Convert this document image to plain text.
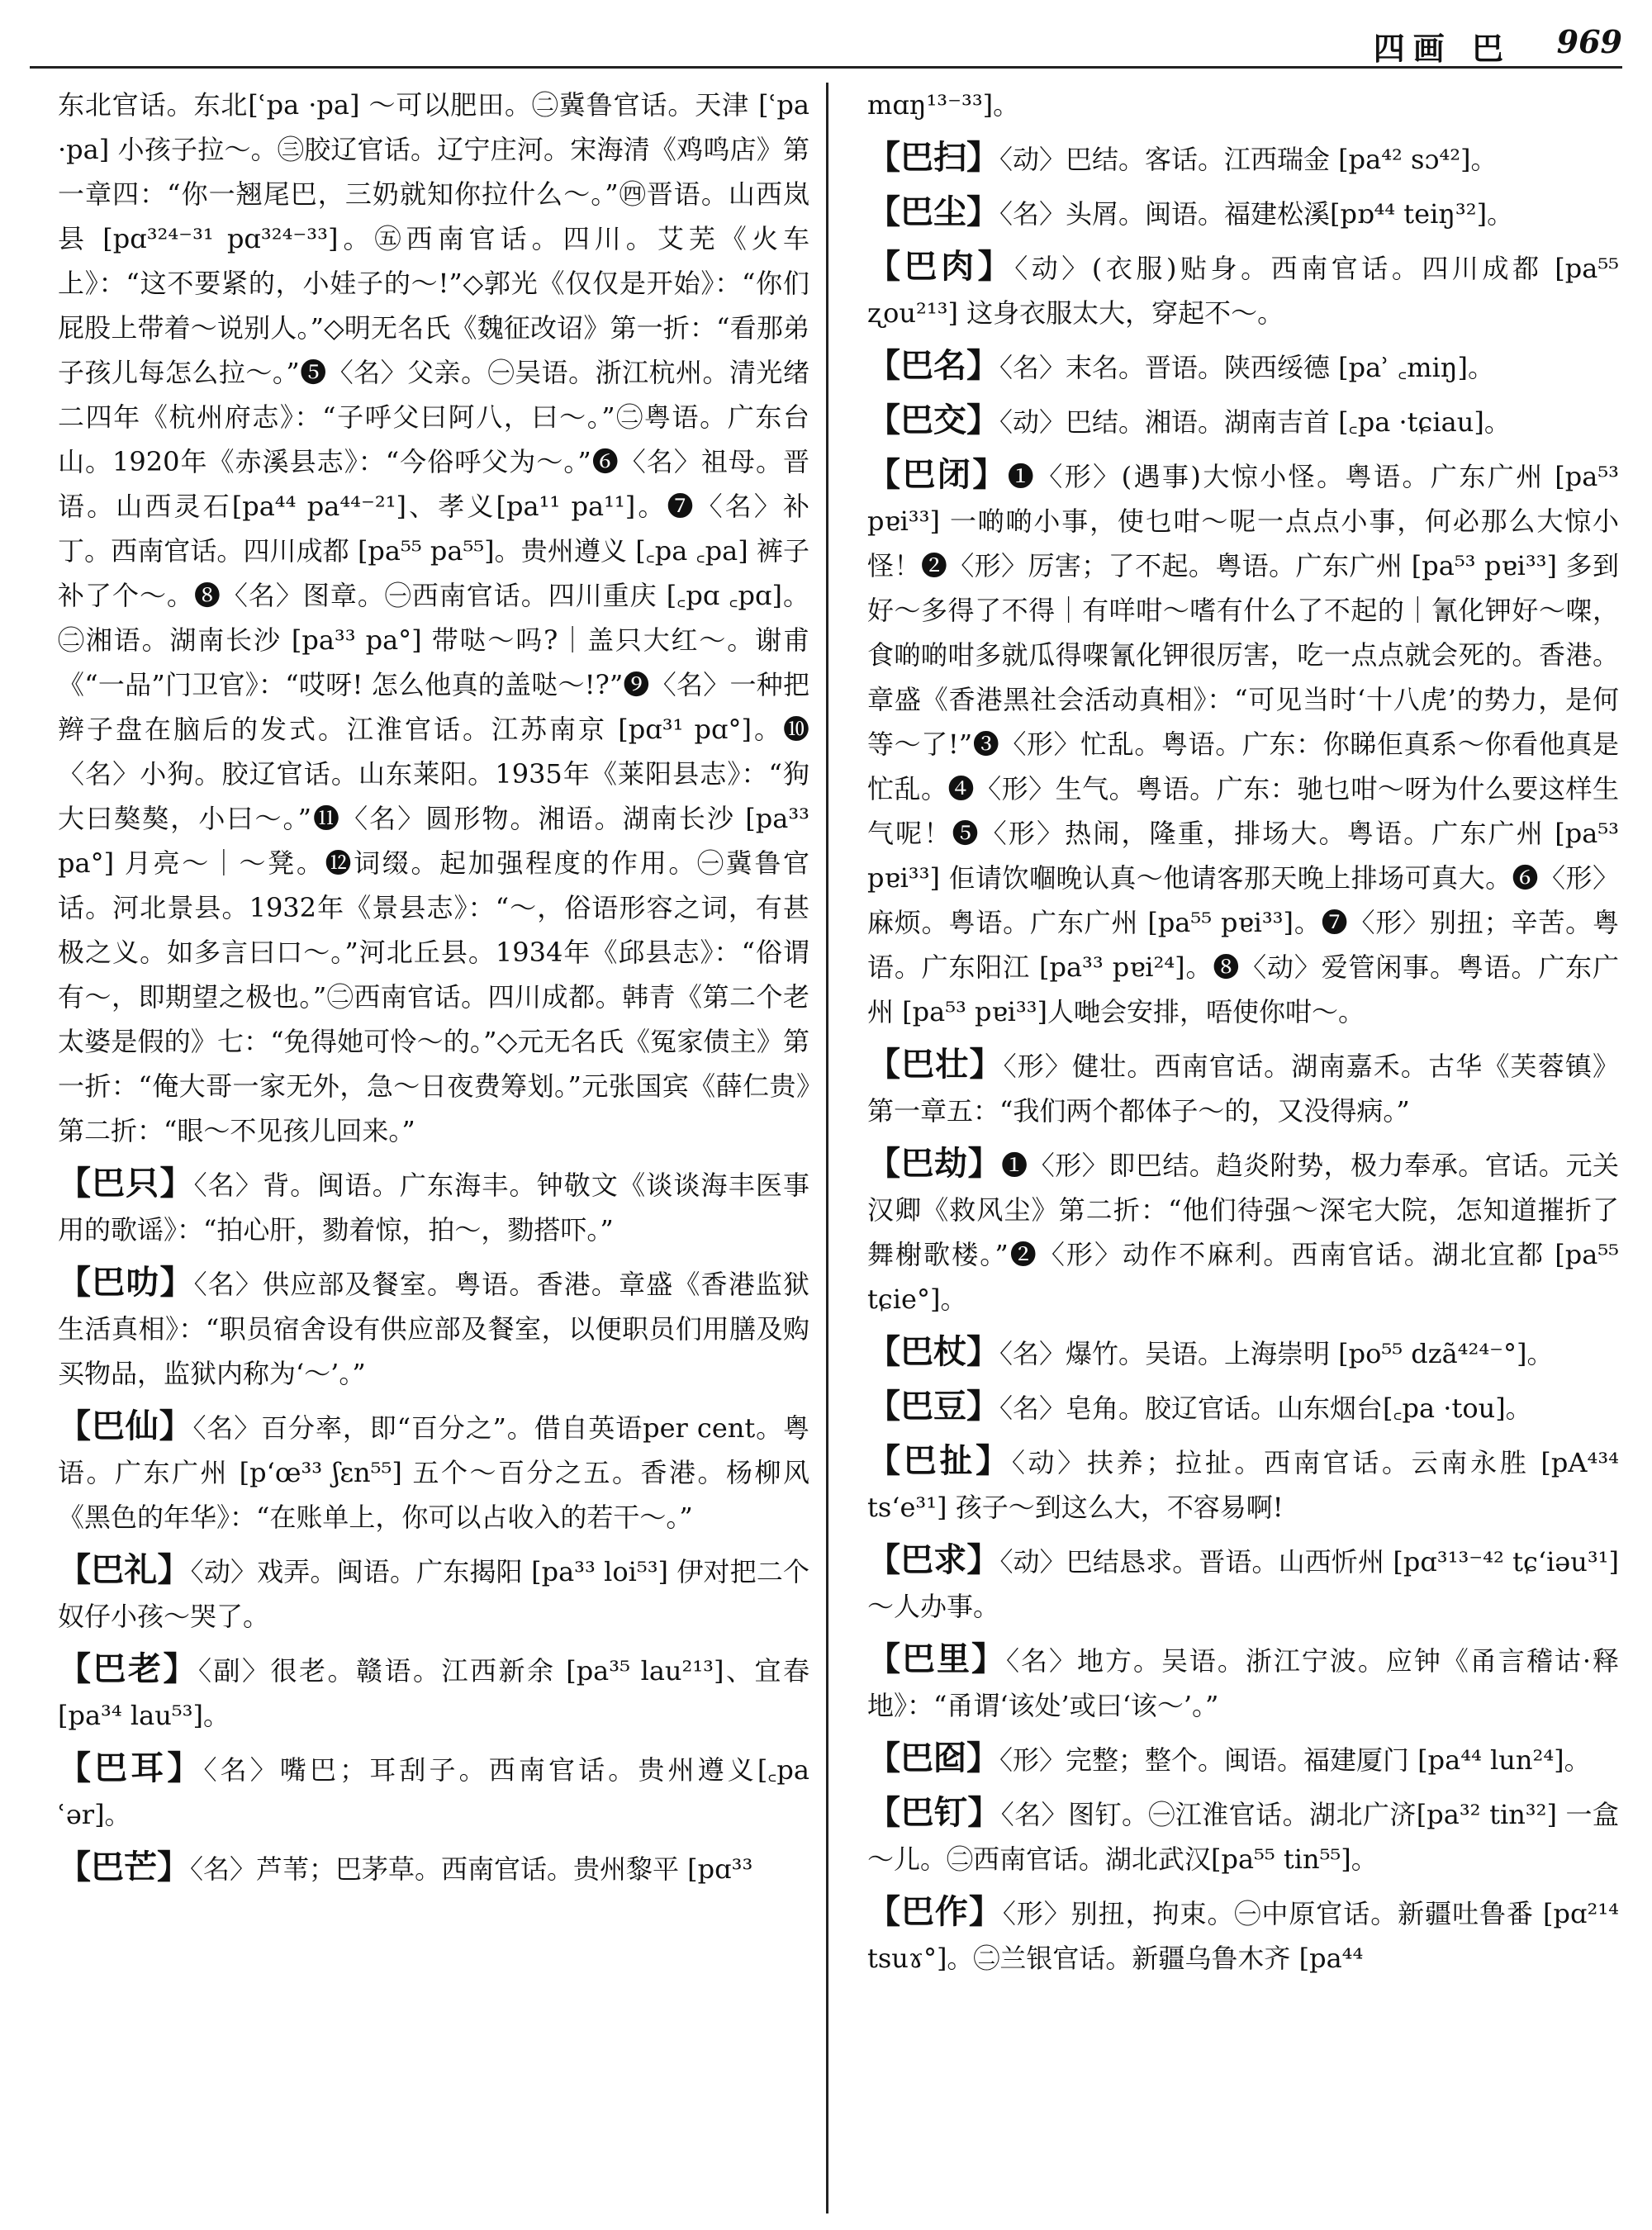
四画 巴 969

东北官话。东北[ʿpa ·pa] ～可以肥田。㊁冀鲁官话。天津 [ʿpa ·pa] 小孩子拉～。㊂胶辽官话。辽宁庄河。宋海清《鸡鸣店》第一章四：“你一翘尾巴，三奶就知你拉什么～。”㊃晋语。山西岚县 [pɑ³²⁴⁻³¹ pɑ³²⁴⁻³³]。㊄西南官话。四川。艾芜《火车上》：“这不要紧的，小娃子的～!”◇郭光《仅仅是开始》：“你们屁股上带着～说别人。”◇明无名氏《魏征改诏》第一折：“看那弟子孩儿每怎么拉～。”❺〈名〉父亲。㊀吴语。浙江杭州。清光绪二四年《杭州府志》：“子呼父曰阿八，曰～。”㊁粤语。广东台山。1920年《赤溪县志》：“今俗呼父为～。”❻〈名〉祖母。晋语。山西灵石[pa⁴⁴ pa⁴⁴⁻²¹]、孝义[pa¹¹ pa¹¹]。❼〈名〉补丁。西南官话。四川成都 [pa⁵⁵ pa⁵⁵]。贵州遵义 [꜀pa ꜀pa] 裤子补了个～。❽〈名〉图章。㊀西南官话。四川重庆 [꜀pɑ ꜀pɑ]。㊁湘语。湖南长沙 [pa³³ pa°] 带哒～吗?｜盖只大红～。谢甫《“一品”门卫官》：“哎呀! 怎么他真的盖哒～!?”❾〈名〉一种把辫子盘在脑后的发式。江淮官话。江苏南京 [pɑ³¹ pɑ°]。❿〈名〉小狗。胶辽官话。山东莱阳。1935年《莱阳县志》：“狗大曰獒獒，小曰～。”⓫〈名〉圆形物。湘语。湖南长沙 [pa³³ pa°] 月亮～｜～凳。⓬词缀。起加强程度的作用。㊀冀鲁官话。河北景县。1932年《景县志》：“～，俗语形容之词，有甚极之义。如多言曰口～。”河北丘县。1934年《邱县志》：“俗谓有～，即期望之极也。”㊁西南官话。四川成都。韩青《第二个老太婆是假的》七：“免得她可怜～的。”◇元无名氏《冤家债主》第一折：“俺大哥一家无外，急～日夜费筹划。”元张国宾《薛仁贵》第二折：“眼～不见孩儿回来。”

【巴只】〈名〉背。闽语。广东海丰。钟敬文《谈谈海丰医事用的歌谣》：“拍心肝，勠着惊，拍～，勠搭吓。”

【巴叻】〈名〉供应部及餐室。粤语。香港。章盛《香港监狱生活真相》：“职员宿舍设有供应部及餐室，以便职员们用膳及购买物品，监狱内称为‘～’。”

【巴仙】〈名〉百分率，即“百分之”。借自英语per cent。粤语。广东广州 [pʻœ³³ ʃɛn⁵⁵] 五个～百分之五。香港。杨柳风《黑色的年华》：“在账单上，你可以占收入的若干～。”

【巴礼】〈动〉戏弄。闽语。广东揭阳 [pa³³ loi⁵³] 伊对把二个奴仔小孩～哭了。

【巴老】〈副〉很老。赣语。江西新余 [pa³⁵ lau²¹³]、宜春 [pa³⁴ lau⁵³]。

【巴耳】〈名〉嘴巴；耳刮子。西南官话。贵州遵义[꜀pa ʿər]。

【巴芒】〈名〉芦苇；巴茅草。西南官话。贵州黎平 [pɑ³³

mɑŋ¹³⁻³³]。

【巴扫】〈动〉巴结。客话。江西瑞金 [pa⁴² sɔ⁴²]。

【巴尘】〈名〉头屑。闽语。福建松溪[pɒ⁴⁴ teiŋ³²]。

【巴肉】〈动〉(衣服)贴身。西南官话。四川成都 [pa⁵⁵ ʐou²¹³] 这身衣服太大，穿起不～。

【巴名】〈名〉末名。晋语。陕西绥德 [paʾ ꜀miŋ]。

【巴交】〈动〉巴结。湘语。湖南吉首 [꜀pa ·tɕiau]。

【巴闭】❶〈形〉(遇事)大惊小怪。粤语。广东广州 [pa⁵³ pɐi³³] 一啲啲小事，使乜咁～呢一点点小事，何必那么大惊小怪！❷〈形〉厉害；了不起。粤语。广东广州 [pa⁵³ pɐi³³] 多到好～多得了不得｜有咩咁～嗜有什么了不起的｜氰化钾好～㗎，食啲啲咁多就瓜得㗎氰化钾很厉害，吃一点点就会死的。香港。章盛《香港黑社会活动真相》：“可见当时‘十八虎’的势力，是何等～了!”❸〈形〉忙乱。粤语。广东：你睇佢真系～你看他真是忙乱。❹〈形〉生气。粤语。广东：驰乜咁～呀为什么要这样生气呢！❺〈形〉热闹，隆重，排场大。粤语。广东广州 [pa⁵³ pɐi³³] 佢请饮嗰晚认真～他请客那天晚上排场可真大。❻〈形〉麻烦。粤语。广东广州 [pa⁵⁵ pɐi³³]。❼〈形〉别扭；辛苦。粤语。广东阳江 [pa³³ pɐi²⁴]。❽〈动〉爱管闲事。粤语。广东广州 [pa⁵³ pɐi³³]人哋会安排，唔使你咁～。

【巴壮】〈形〉健壮。西南官话。湖南嘉禾。古华《芙蓉镇》第一章五：“我们两个都体子～的，又没得病。”

【巴劫】❶〈形〉即巴结。趋炎附势，极力奉承。官话。元关汉卿《救风尘》第二折：“他们待强～深宅大院，怎知道摧折了舞榭歌楼。”❷〈形〉动作不麻利。西南官话。湖北宜都 [pa⁵⁵ tɕie°]。

【巴杖】〈名〉爆竹。吴语。上海崇明 [po⁵⁵ dzã⁴²⁴⁻°]。

【巴豆】〈名〉皂角。胶辽官话。山东烟台[꜀pa ·tou]。

【巴扯】〈动〉扶养；拉扯。西南官话。云南永胜 [pA⁴³⁴ tsʻe³¹] 孩子～到这么大，不容易啊!

【巴求】〈动〉巴结恳求。晋语。山西忻州 [pɑ³¹³⁻⁴² tɕʻiəu³¹] ～人办事。

【巴里】〈名〉地方。吴语。浙江宁波。应钟《甬言稽诂·释地》：“甬谓‘该处’或曰‘该～’。”

【巴囵】〈形〉完整；整个。闽语。福建厦门 [pa⁴⁴ lun²⁴]。

【巴钉】〈名〉图钉。㊀江淮官话。湖北广济[pa³² tin³²] 一盒～儿。㊁西南官话。湖北武汉[pa⁵⁵ tin⁵⁵]。

【巴作】〈形〉别扭，拘束。㊀中原官话。新疆吐鲁番 [pɑ²¹⁴ tsuɤ°]。㊁兰银官话。新疆乌鲁木齐 [pa⁴⁴
